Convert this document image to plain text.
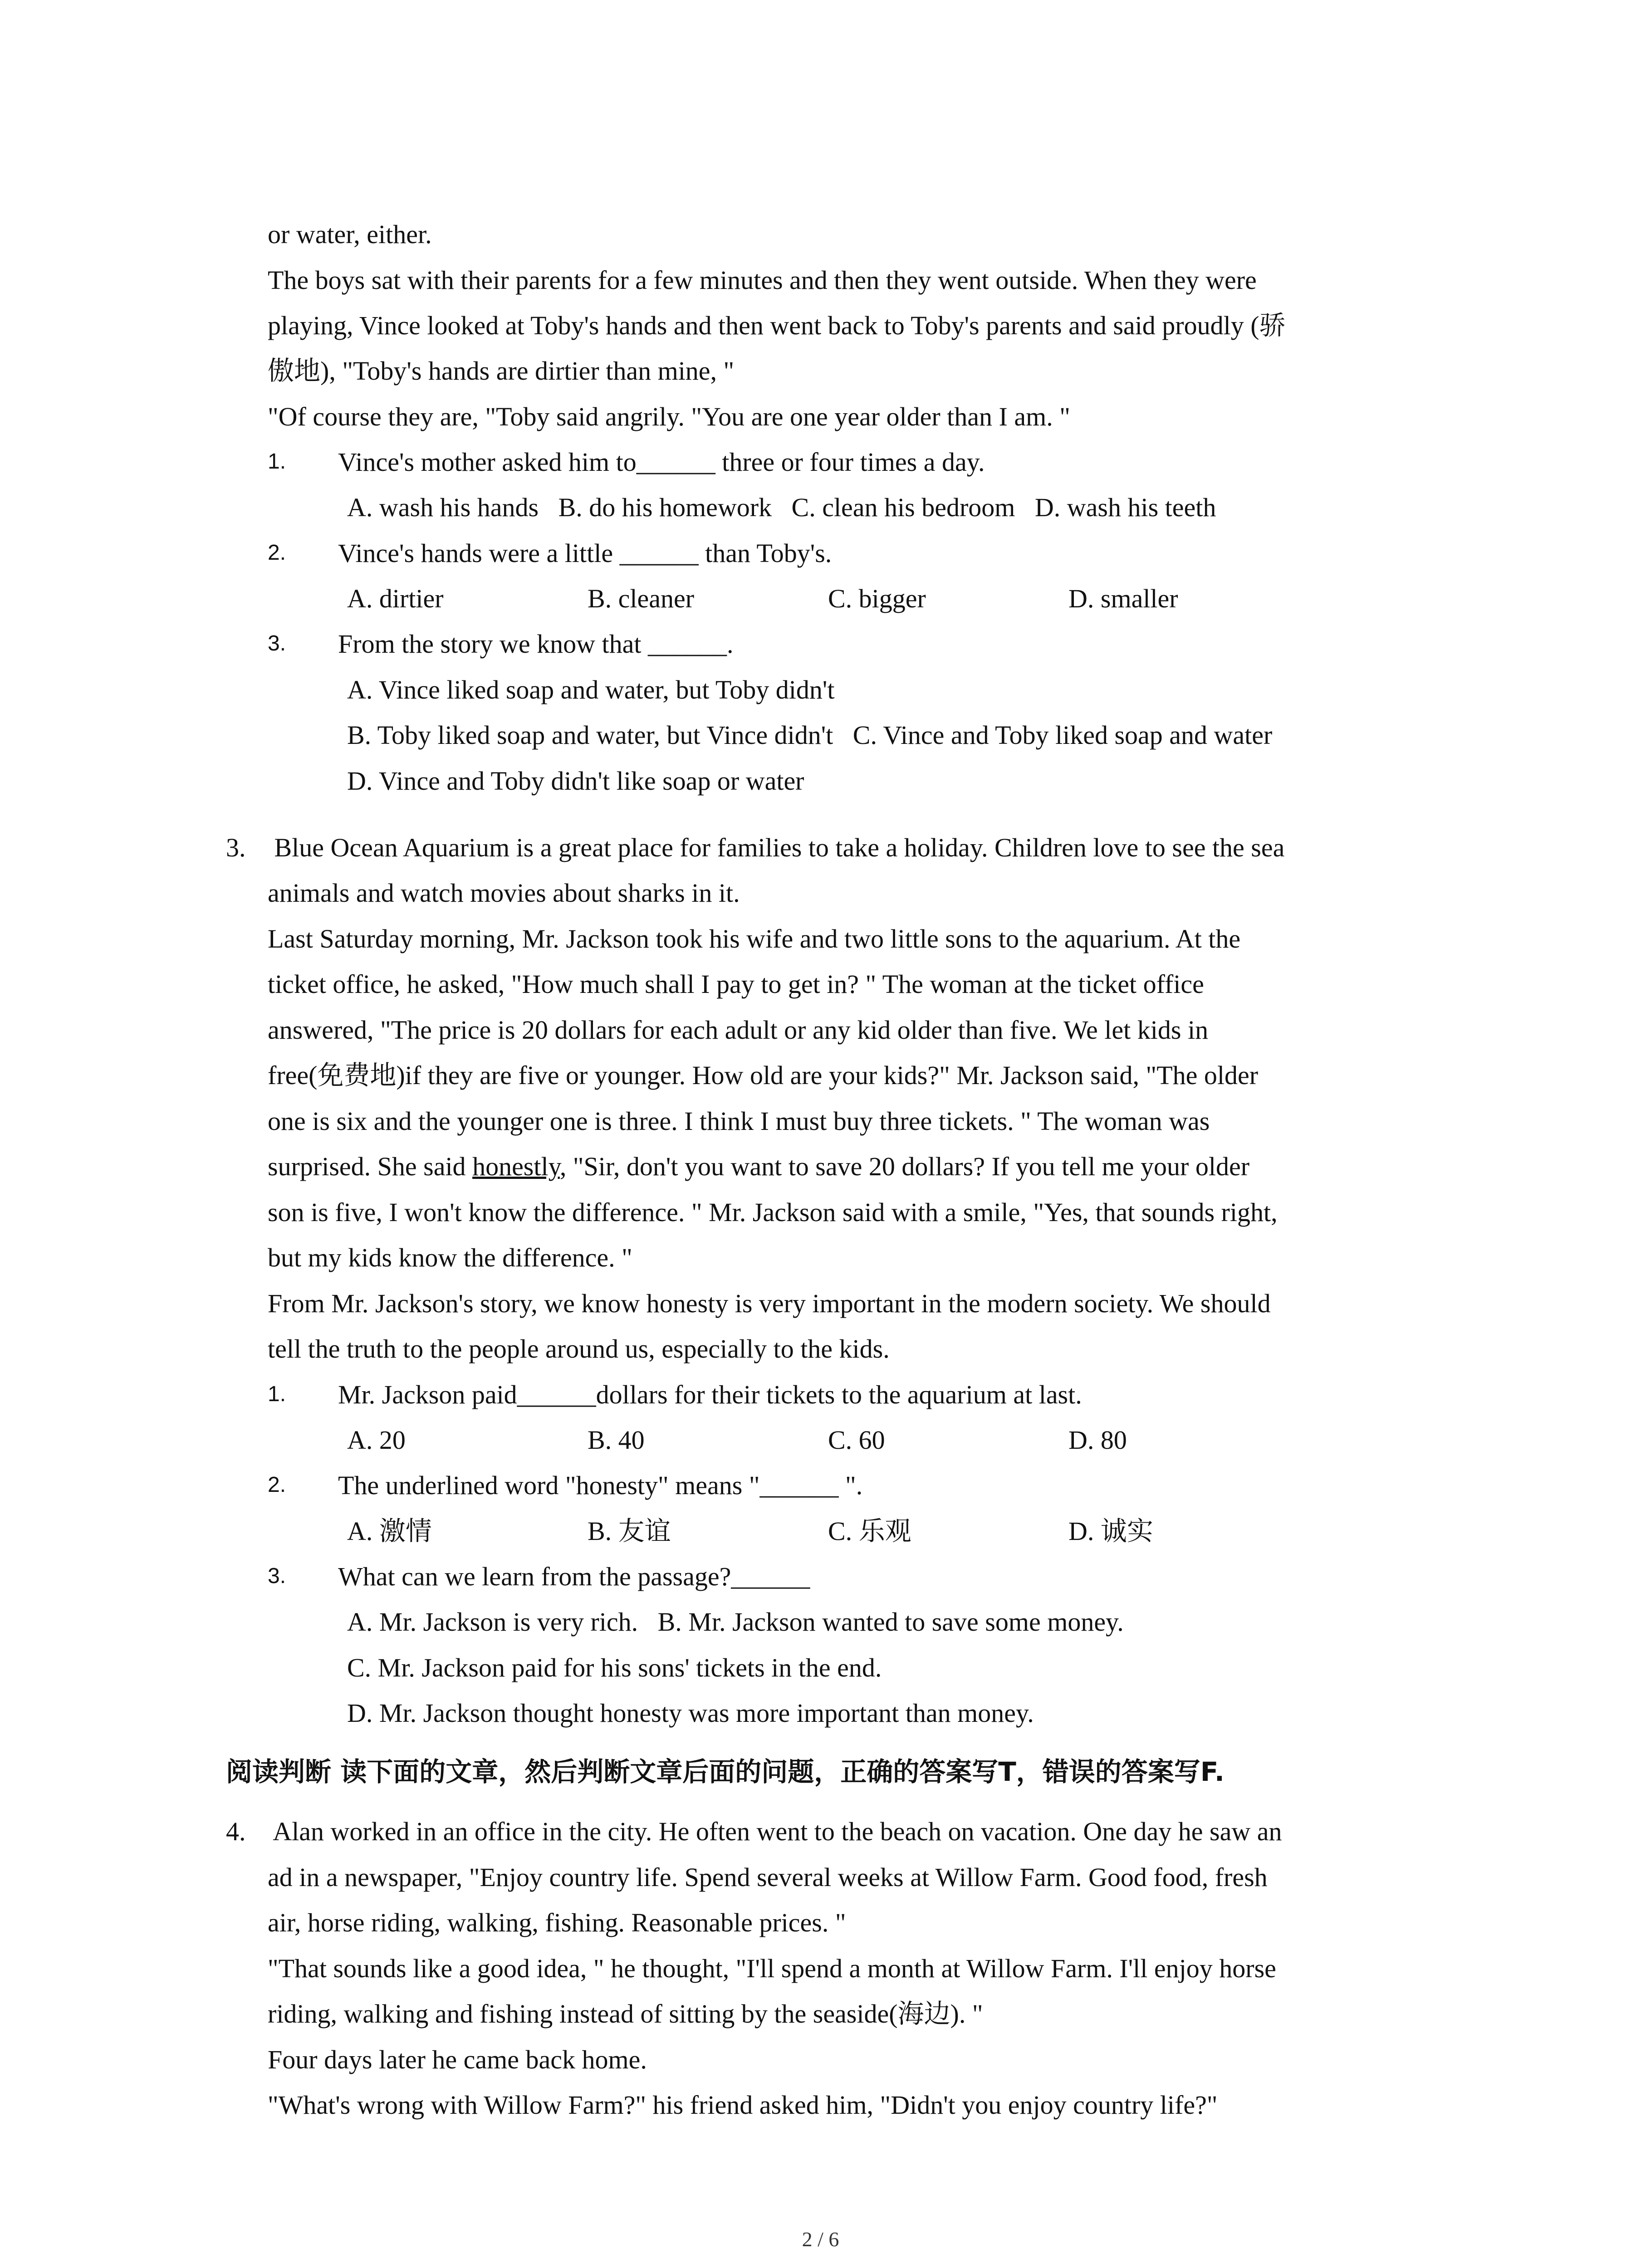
or water, either.
The boys sat with their parents for a few minutes and then they went outside. When they were
playing, Vince looked at Toby's hands and then went back to Toby's parents and said proudly (骄
傲地), "Toby's hands are dirtier than mine, "
"Of course they are, "Toby said angrily. "You are one year older than I am. "
1. Vince's mother asked him to______ three or four times a day.
A. wash his hands   B. do his homework   C. clean his bedroom   D. wash his teeth
2. Vince's hands were a little ______ than Toby's.
A. dirtier	B. cleaner	C. bigger	D. smaller
3. From the story we know that ______.
A. Vince liked soap and water, but Toby didn't
B. Toby liked soap and water, but Vince didn't   C. Vince and Toby liked soap and water
D. Vince and Toby didn't like soap or water
3. Blue Ocean Aquarium is a great place for families to take a holiday. Children love to see the sea
animals and watch movies about sharks in it.
Last Saturday morning, Mr. Jackson took his wife and two little sons to the aquarium. At the
ticket office, he asked, "How much shall I pay to get in? " The woman at the ticket office
answered, "The price is 20 dollars for each adult or any kid older than five. We let kids in
free(免费地)if they are five or younger. How old are your kids?" Mr. Jackson said, "The older
one is six and the younger one is three. I think I must buy three tickets. " The woman was
surprised. She said honestly, "Sir, don't you want to save 20 dollars? If you tell me your older
son is five, I won't know the difference. " Mr. Jackson said with a smile, "Yes, that sounds right,
but my kids know the difference. "
From Mr. Jackson's story, we know honesty is very important in the modern society. We should
tell the truth to the people around us, especially to the kids.
1. Mr. Jackson paid______dollars for their tickets to the aquarium at last.
A. 20	B. 40	C. 60	D. 80
2. The underlined word "honesty" means "______ ".
A. 激情	B. 友谊	C. 乐观	D. 诚实
3. What can we learn from the passage?______
A. Mr. Jackson is very rich.   B. Mr. Jackson wanted to save some money.
C. Mr. Jackson paid for his sons' tickets in the end.
D. Mr. Jackson thought honesty was more important than money.
阅读判断 读下面的文章，然后判断文章后面的问题，正确的答案写T，错误的答案写F.
4. Alan worked in an office in the city. He often went to the beach on vacation. One day he saw an
ad in a newspaper, "Enjoy country life. Spend several weeks at Willow Farm. Good food, fresh
air, horse riding, walking, fishing. Reasonable prices. "
"That sounds like a good idea, " he thought, "I'll spend a month at Willow Farm. I'll enjoy horse
riding, walking and fishing instead of sitting by the seaside(海边). "
Four days later he came back home.
"What's wrong with Willow Farm?" his friend asked him, "Didn't you enjoy country life?"
2 / 6
